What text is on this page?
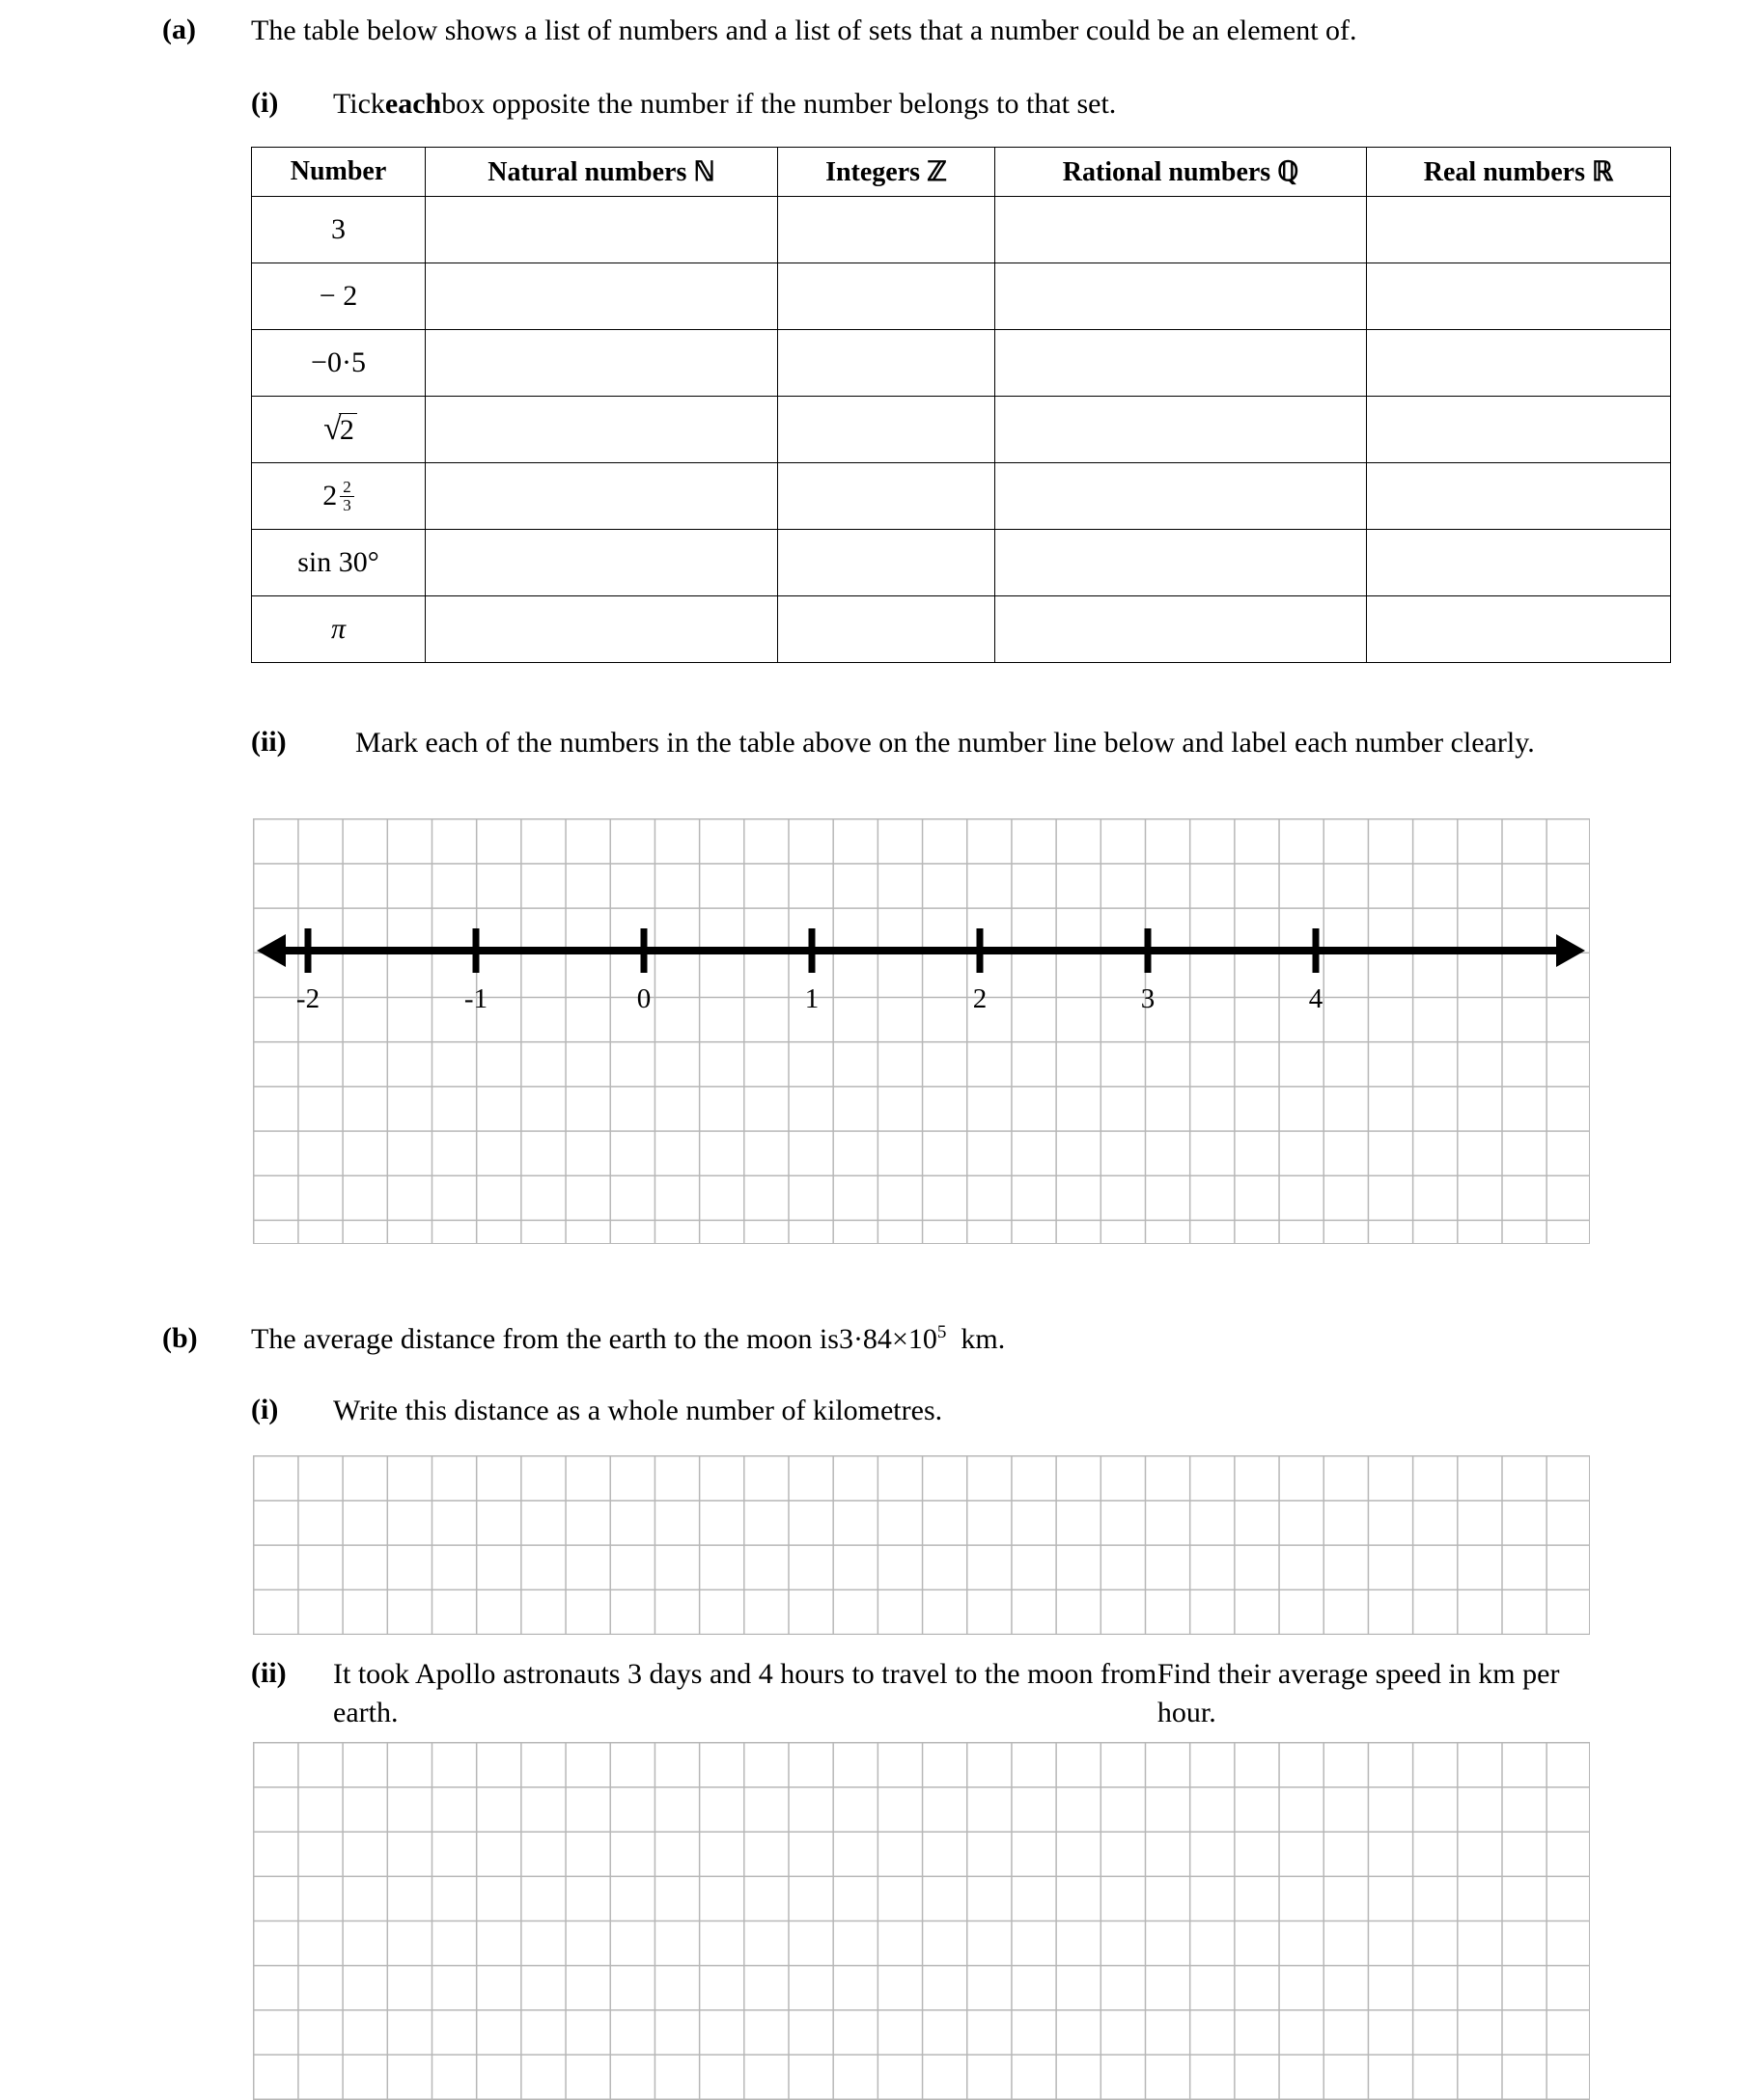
(a)	The table below shows a list of numbers and a list of sets that a number could be an element of.
(i)	Tick each box opposite the number if the number belongs to that set.
Number	Natural numbers ℕ	Integers ℤ	Rational numbers ℚ	Real numbers ℝ
3				
− 2				
−0·5				
√2				

$2 \frac{2}{3}$

sin 30°				
π				
(ii)	Mark each of the numbers in the table above on the number line below and label each number clearly.
-2	-1	0	1	2	3	4
(b)	The average distance from the earth to the moon is $3\cdot 84\times 10^5$
km.
(i)	Write this distance as a whole number of kilometres.
(ii)	It took Apollo astronauts 3 days and 4 hours to travel to the moon from earth.

Find their average speed in km per hour.
